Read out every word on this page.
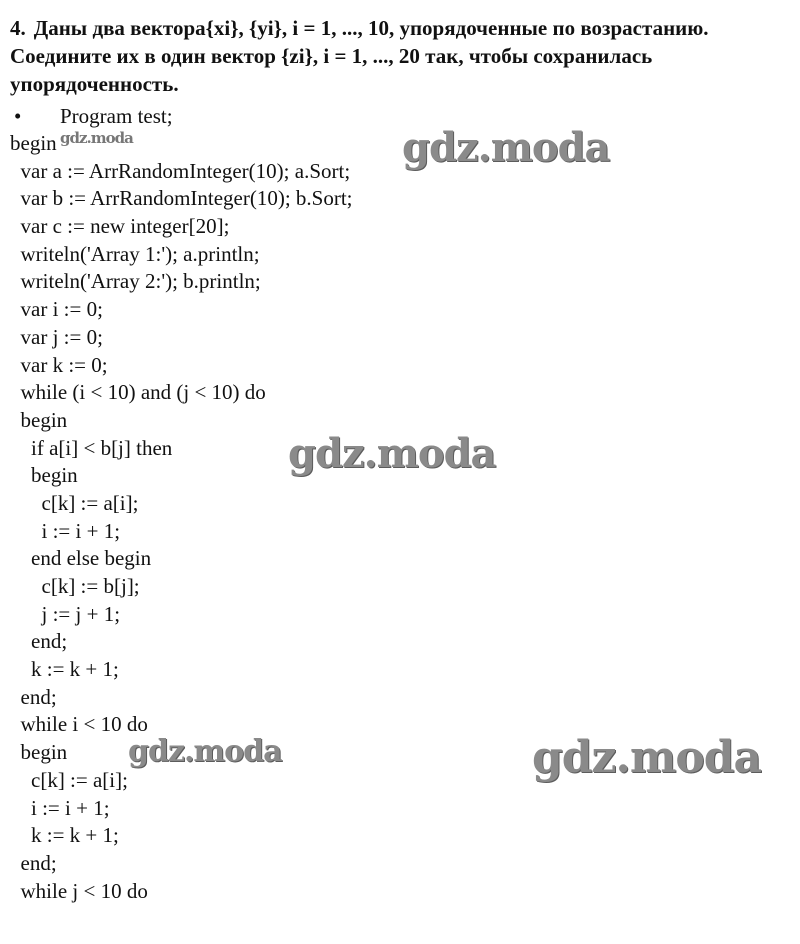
4. Даны два вектора{xi}, {yi}, i = 1, ..., 10, упорядоченные по возрастанию. Соедините их в один вектор {zi}, i = 1, ..., 20 так, чтобы сохранилась упорядоченность.
• Program test;
begin
var a := ArrRandomInteger(10); a.Sort;
var b := ArrRandomInteger(10); b.Sort;
var c := new integer[20];
writeln('Array 1:'); a.println;
writeln('Array 2:'); b.println;
var i := 0;
var j := 0;
var k := 0;
while (i < 10) and (j < 10) do
begin
if a[i] < b[j] then
begin
c[k] := a[i];
i := i + 1;
end else begin
c[k] := b[j];
j := j + 1;
end;
k := k + 1;
end;
while i < 10 do
begin
c[k] := a[i];
i := i + 1;
k := k + 1;
end;
while j < 10 do
gdz.moda	gdz.moda
gdz.moda
gdz.moda	gdz.moda
